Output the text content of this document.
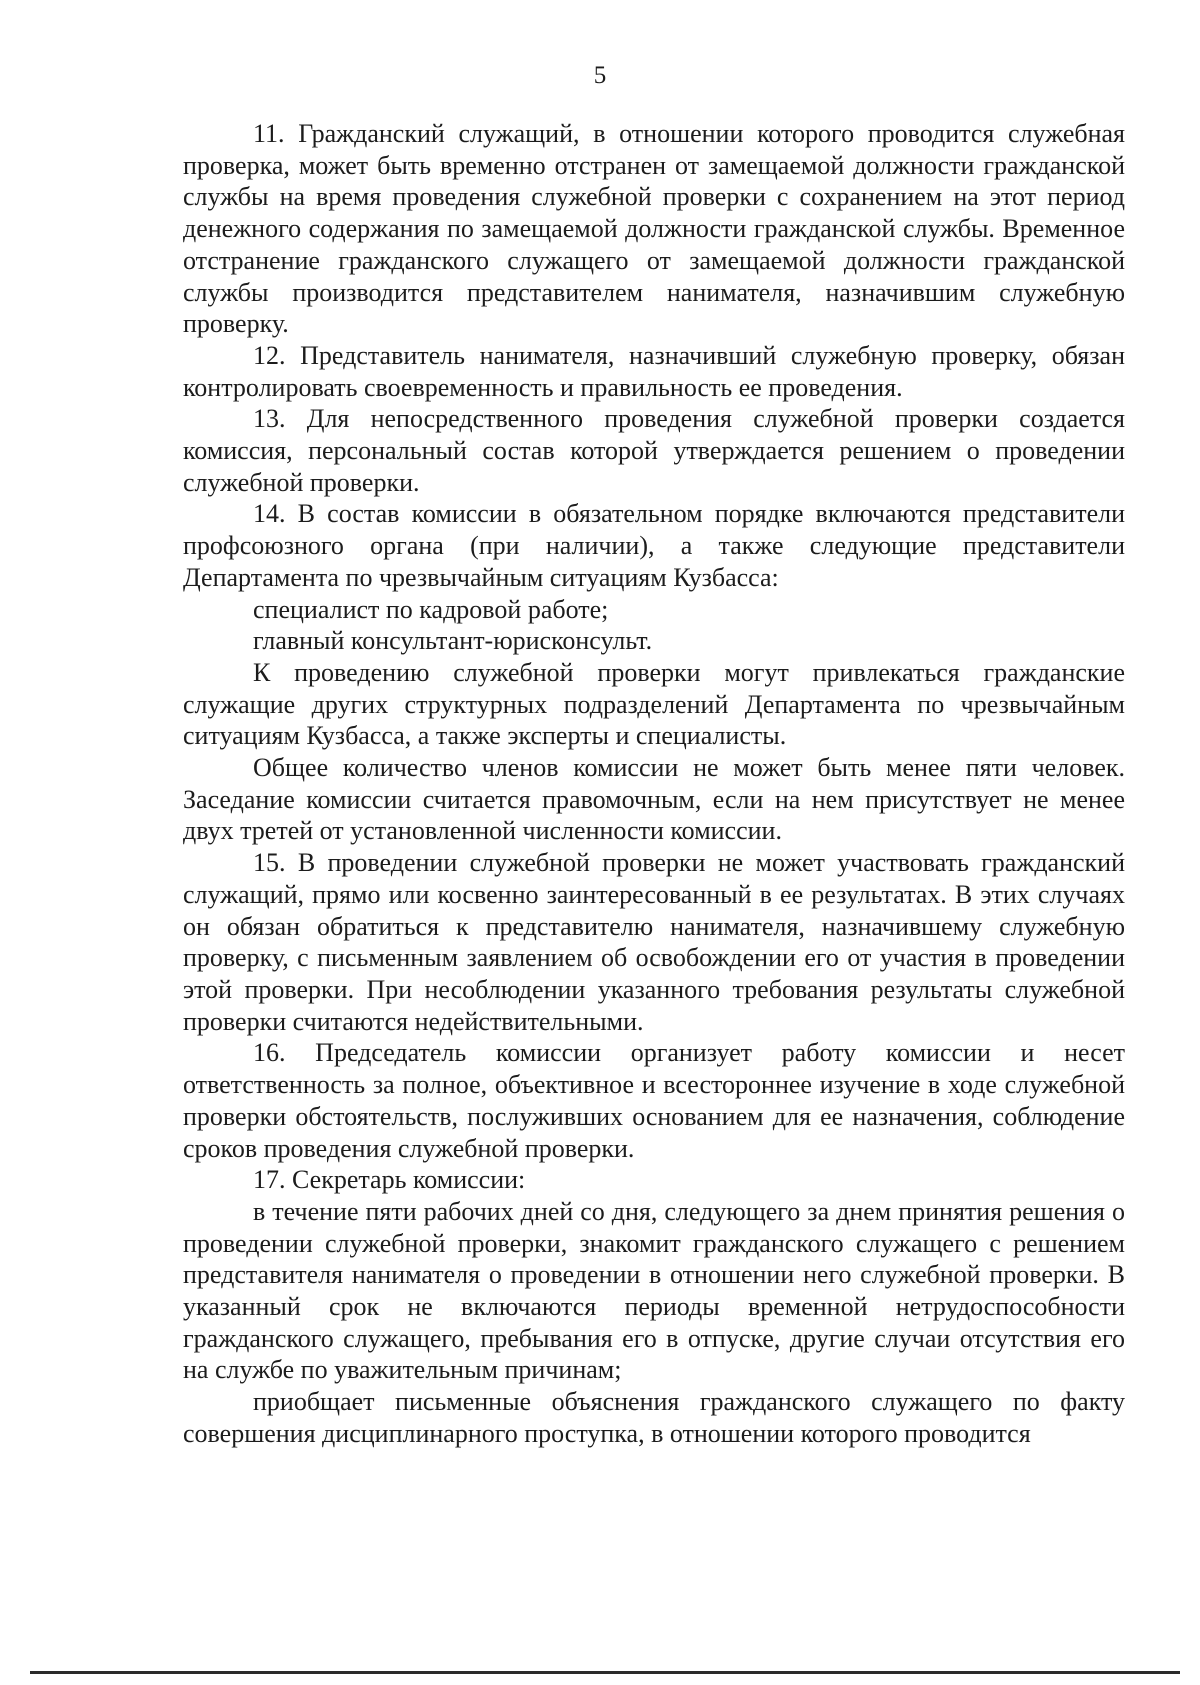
5

11. Гражданский служащий, в отношении которого проводится служебная проверка, может быть временно отстранен от замещаемой должности гражданской службы на время проведения служебной проверки с сохранением на этот период денежного содержания по замещаемой должности гражданской службы. Временное отстранение гражданского служащего от замещаемой должности гражданской службы производится представителем нанимателя, назначившим служебную проверку.

12. Представитель нанимателя, назначивший служебную проверку, обязан контролировать своевременность и правильность ее проведения.

13. Для непосредственного проведения служебной проверки создается комиссия, персональный состав которой утверждается решением о проведении служебной проверки.

14. В состав комиссии в обязательном порядке включаются представители профсоюзного органа (при наличии), а также следующие представители Департамента по чрезвычайным ситуациям Кузбасса:

специалист по кадровой работе;

главный консультант-юрисконсульт.

К проведению служебной проверки могут привлекаться гражданские служащие других структурных подразделений Департамента по чрезвычайным ситуациям Кузбасса, а также эксперты и специалисты.

Общее количество членов комиссии не может быть менее пяти человек. Заседание комиссии считается правомочным, если на нем присутствует не менее двух третей от установленной численности комиссии.

15. В проведении служебной проверки не может участвовать гражданский служащий, прямо или косвенно заинтересованный в ее результатах. В этих случаях он обязан обратиться к представителю нанимателя, назначившему служебную проверку, с письменным заявлением об освобождении его от участия в проведении этой проверки. При несоблюдении указанного требования результаты служебной проверки считаются недействительными.

16. Председатель комиссии организует работу комиссии и несет ответственность за полное, объективное и всестороннее изучение в ходе служебной проверки обстоятельств, послуживших основанием для ее назначения, соблюдение сроков проведения служебной проверки.

17. Секретарь комиссии:

в течение пяти рабочих дней со дня, следующего за днем принятия решения о проведении служебной проверки, знакомит гражданского служащего с решением представителя нанимателя о проведении в отношении него служебной проверки. В указанный срок не включаются периоды временной нетрудоспособности гражданского служащего, пребывания его в отпуске, другие случаи отсутствия его на службе по уважительным причинам;

приобщает письменные объяснения гражданского служащего по факту совершения дисциплинарного проступка, в отношении которого проводится
